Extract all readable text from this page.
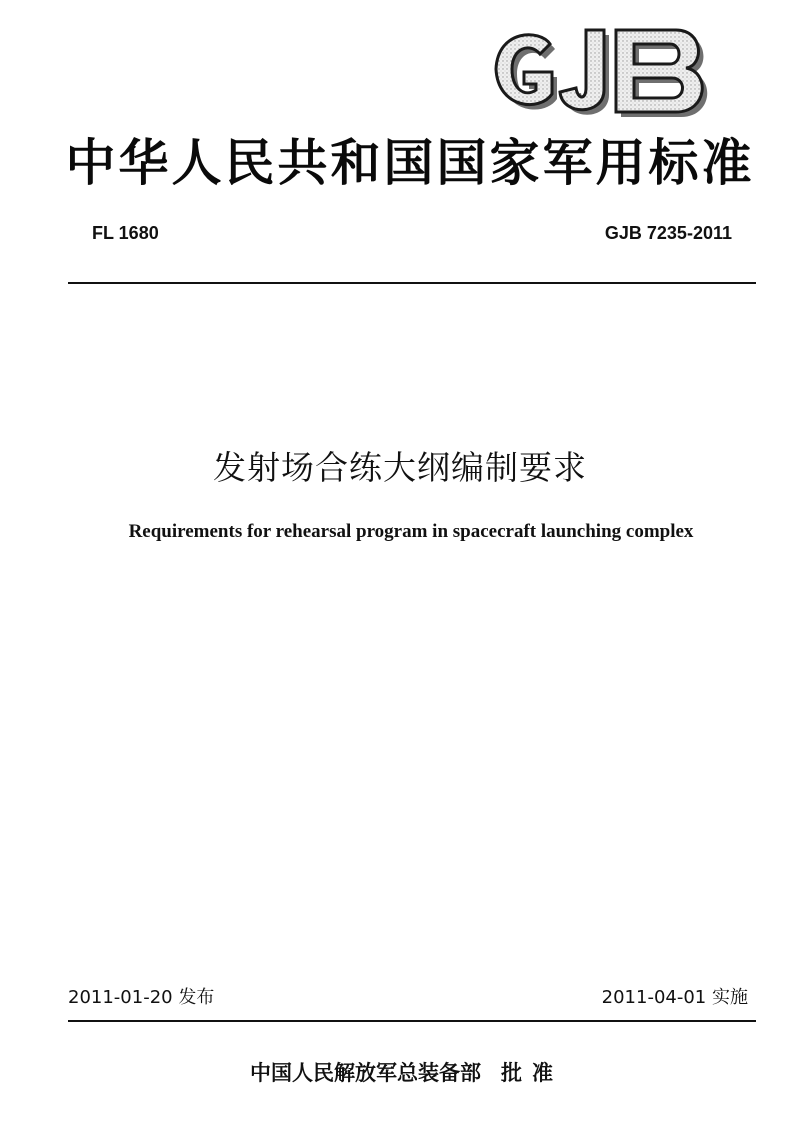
中华人民共和国国家军用标准
FL 1680	GJB 7235-2011
发射场合练大纲编制要求
Requirements for rehearsal program in spacecraft launching complex
2011-01-20 发布	2011-04-01 实施
中国人民解放军总装备部 批准
